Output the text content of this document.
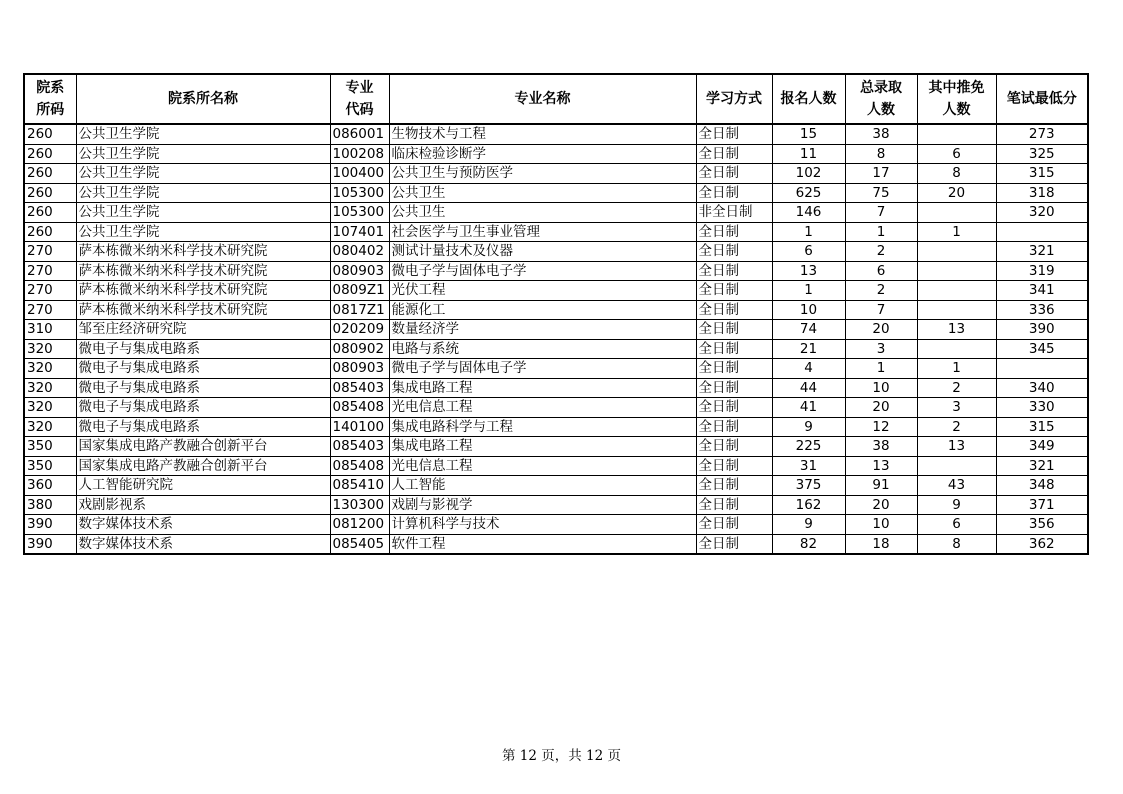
院系所码	院系所名称	专业代码	专业名称	学习方式	报名人数	总录取人数	其中推免人数	笔试最低分
260	公共卫生学院	086001	生物技术与工程	全日制	15	38		273
260	公共卫生学院	100208	临床检验诊断学	全日制	11	8	6	325
260	公共卫生学院	100400	公共卫生与预防医学	全日制	102	17	8	315
260	公共卫生学院	105300	公共卫生	全日制	625	75	20	318
260	公共卫生学院	105300	公共卫生	非全日制	146	7		320
260	公共卫生学院	107401	社会医学与卫生事业管理	全日制	1	1	1	
270	萨本栋微米纳米科学技术研究院	080402	测试计量技术及仪器	全日制	6	2		321
270	萨本栋微米纳米科学技术研究院	080903	微电子学与固体电子学	全日制	13	6		319
270	萨本栋微米纳米科学技术研究院	0809Z1	光伏工程	全日制	1	2		341
270	萨本栋微米纳米科学技术研究院	0817Z1	能源化工	全日制	10	7		336
310	邹至庄经济研究院	020209	数量经济学	全日制	74	20	13	390
320	微电子与集成电路系	080902	电路与系统	全日制	21	3		345
320	微电子与集成电路系	080903	微电子学与固体电子学	全日制	4	1	1	
320	微电子与集成电路系	085403	集成电路工程	全日制	44	10	2	340
320	微电子与集成电路系	085408	光电信息工程	全日制	41	20	3	330
320	微电子与集成电路系	140100	集成电路科学与工程	全日制	9	12	2	315
350	国家集成电路产教融合创新平台	085403	集成电路工程	全日制	225	38	13	349
350	国家集成电路产教融合创新平台	085408	光电信息工程	全日制	31	13		321
360	人工智能研究院	085410	人工智能	全日制	375	91	43	348
380	戏剧影视系	130300	戏剧与影视学	全日制	162	20	9	371
390	数字媒体技术系	081200	计算机科学与技术	全日制	9	10	6	356
390	数字媒体技术系	085405	软件工程	全日制	82	18	8	362
第 12 页，共 12 页
